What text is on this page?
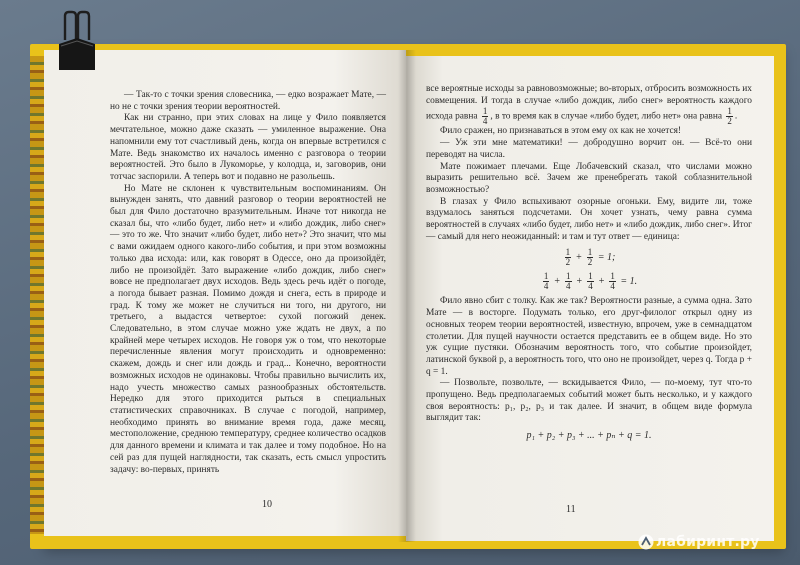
— Так-то с точки зрения словесника, — едко возражает Мате, — но не с точки зрения теории вероятностей.

Как ни странно, при этих словах на лице у Фило появляется мечтательное, можно даже сказать — умиленное выражение. Она напомнили ему тот счастливый день, когда он впервые встретился с Мате. Ведь знакомство их началось именно с разговора о теории вероятностей. Это было в Лукоморье, у колодца, и, заговорив, они тотчас заспорили. А теперь вот и подавно не разольешь.

Но Мате не склонен к чувствительным воспоминаниям. Он вынужден занять, что давний разговор о теории вероятностей не был для Фило достаточно вразумительным. Иначе тот никогда не сказал бы, что «либо будет, либо нет» и «либо дождик, либо снег» — это то же. Что значит «либо будет, либо нет»? Это значит, что мы с вами ожидаем одного какого-либо события, и при этом возможны только два исхода: или, как говорят в Одессе, оно да произойдёт, либо не произойдёт. Зато выражение «либо дождик, либо снег» вовсе не предполагает двух исходов. Ведь здесь речь идёт о погоде, а погода бывает разная. Помимо дождя и снега, есть в природе и град. К тому же может не случиться ни того, ни другого, ни третьего, а выдастся четвертое: сухой погожий денек. Следовательно, в этом случае можно уже ждать не двух, а по крайней мере четырех исходов. Не говоря уж о том, что некоторые перечисленные явления могут происходить и одновременно: скажем, дождь и снег или дождь и град... Конечно, вероятности возможных исходов не одинаковы. Чтобы правильно вычислить их, надо учесть множество самых разнообразных обстоятельств. Нередко для этого приходится рыться в специальных статистических справочниках. В случае с погодой, например, необходимо принять во внимание время года, даже месяц, местоположение, среднюю температуру, среднее количество осадков для данного времени и климата и так далее и тому подобное. Но на сей раз для пущей наглядности, так сказать, есть смысл упростить задачу: во-первых, принять

10

все вероятные исходы за равновозможные; во-вторых, отбросить возможность их совмещения. И тогда в случае «либо дождик, либо снег» вероятность каждого исхода равна $\frac{1}{4}$ , в то время как в случае «либо будет, либо нет» она равна $\frac{1}{2}$ .

Фило сражен, но признаваться в этом ему ох как не хочется!

— Уж эти мне математики! — добродушно ворчит он. — Всё-то они переводят на числа.

Мате пожимает плечами. Еще Лобачевский сказал, что числами можно выразить решительно всё. Зачем же пренебрегать такой соблазнительной возможностью?

В глазах у Фило вспыхивают озорные огоньки. Ему, видите ли, тоже вздумалось заняться подсчетами. Он хочет узнать, чему равна сумма вероятностей в случаях «либо будет, либо нет» и «либо дождик, либо снег». Итог — самый для него неожиданный: и там и тут ответ — единица:

$\frac{1}{2} + \frac{1}{2} = 1$;
$\frac{1}{4} + \frac{1}{4} + \frac{1}{4} + \frac{1}{4} = 1$.

Фило явно сбит с толку. Как же так? Вероятности разные, а сумма одна. Зато Мате — в восторге. Подумать только, его друг-филолог открыл одну из основных теорем теории вероятностей, известную, впрочем, уже в семнадцатом столетии. Для пущей научности остается представить ее в общем виде. Но это уж сущие пустяки. Обозначим вероятность того, что событие произойдет, латинской буквой p, а вероятность того, что оно не произойдет, через q. Тогда p + q = 1.

— Позвольте, позвольте, — вскидывается Фило, — по-моему, тут что-то пропущено. Ведь предполагаемых событий может быть несколько, и у каждого своя вероятность: p₁, p₂, p₃ и так далее. И значит, в общем виде формула выглядит так:

p₁ + p₂ + p₃ + ... + pₙ + q = 1.
11
лабиринт.ру
